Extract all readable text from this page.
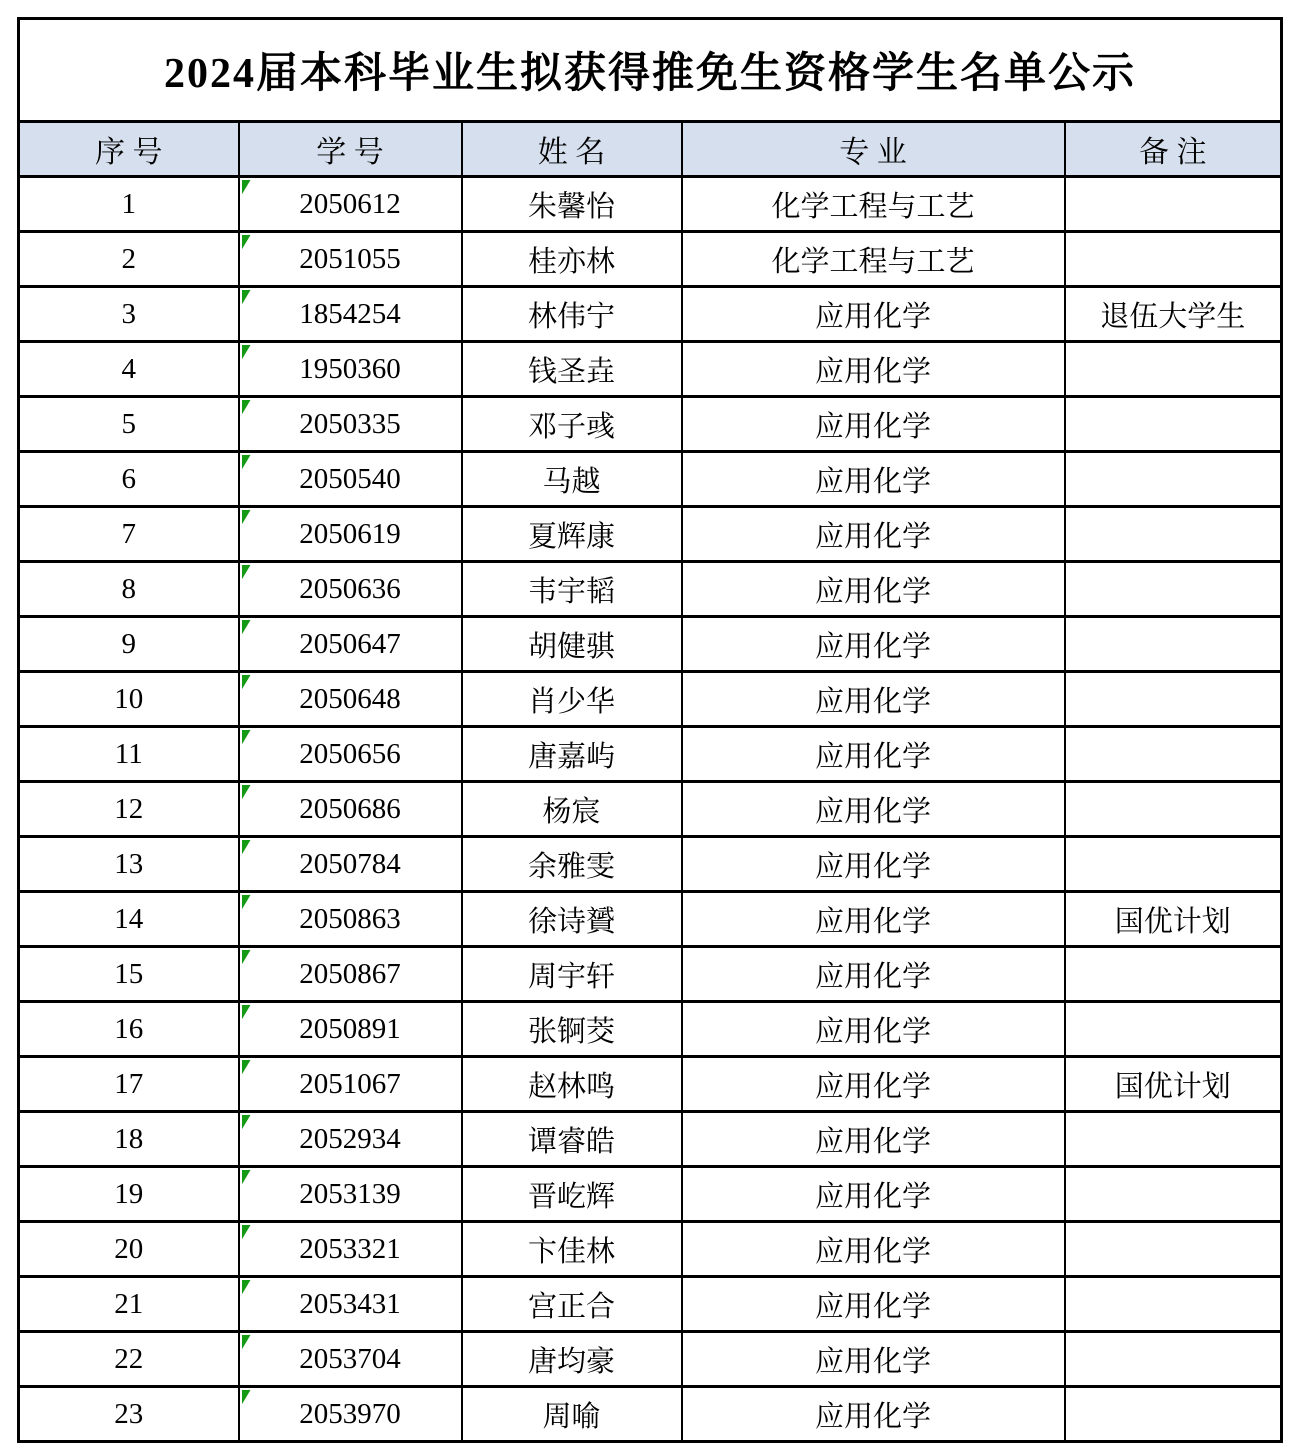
2024届本科毕业生拟获得推免生资格学生名单公示				
序 号	学 号	姓 名	专 业	备 注
1	2050612	朱馨怡	化学工程与工艺	
2	2051055	桂亦林	化学工程与工艺	
3	1854254	林伟宁	应用化学	退伍大学生
4	1950360	钱圣垚	应用化学	
5	2050335	邓子彧	应用化学	
6	2050540	马越	应用化学	
7	2050619	夏辉康	应用化学	
8	2050636	韦宇韬	应用化学	
9	2050647	胡健骐	应用化学	
10	2050648	肖少华	应用化学	
11	2050656	唐嘉屿	应用化学	
12	2050686	杨宸	应用化学	
13	2050784	余雅雯	应用化学	
14	2050863	徐诗贇	应用化学	国优计划
15	2050867	周宇轩	应用化学	
16	2050891	张锕茭	应用化学	
17	2051067	赵林鸣	应用化学	国优计划
18	2052934	谭睿皓	应用化学	
19	2053139	晋屹辉	应用化学	
20	2053321	卞佳林	应用化学	
21	2053431	宫正合	应用化学	
22	2053704	唐均豪	应用化学	
23	2053970	周喻	应用化学	
